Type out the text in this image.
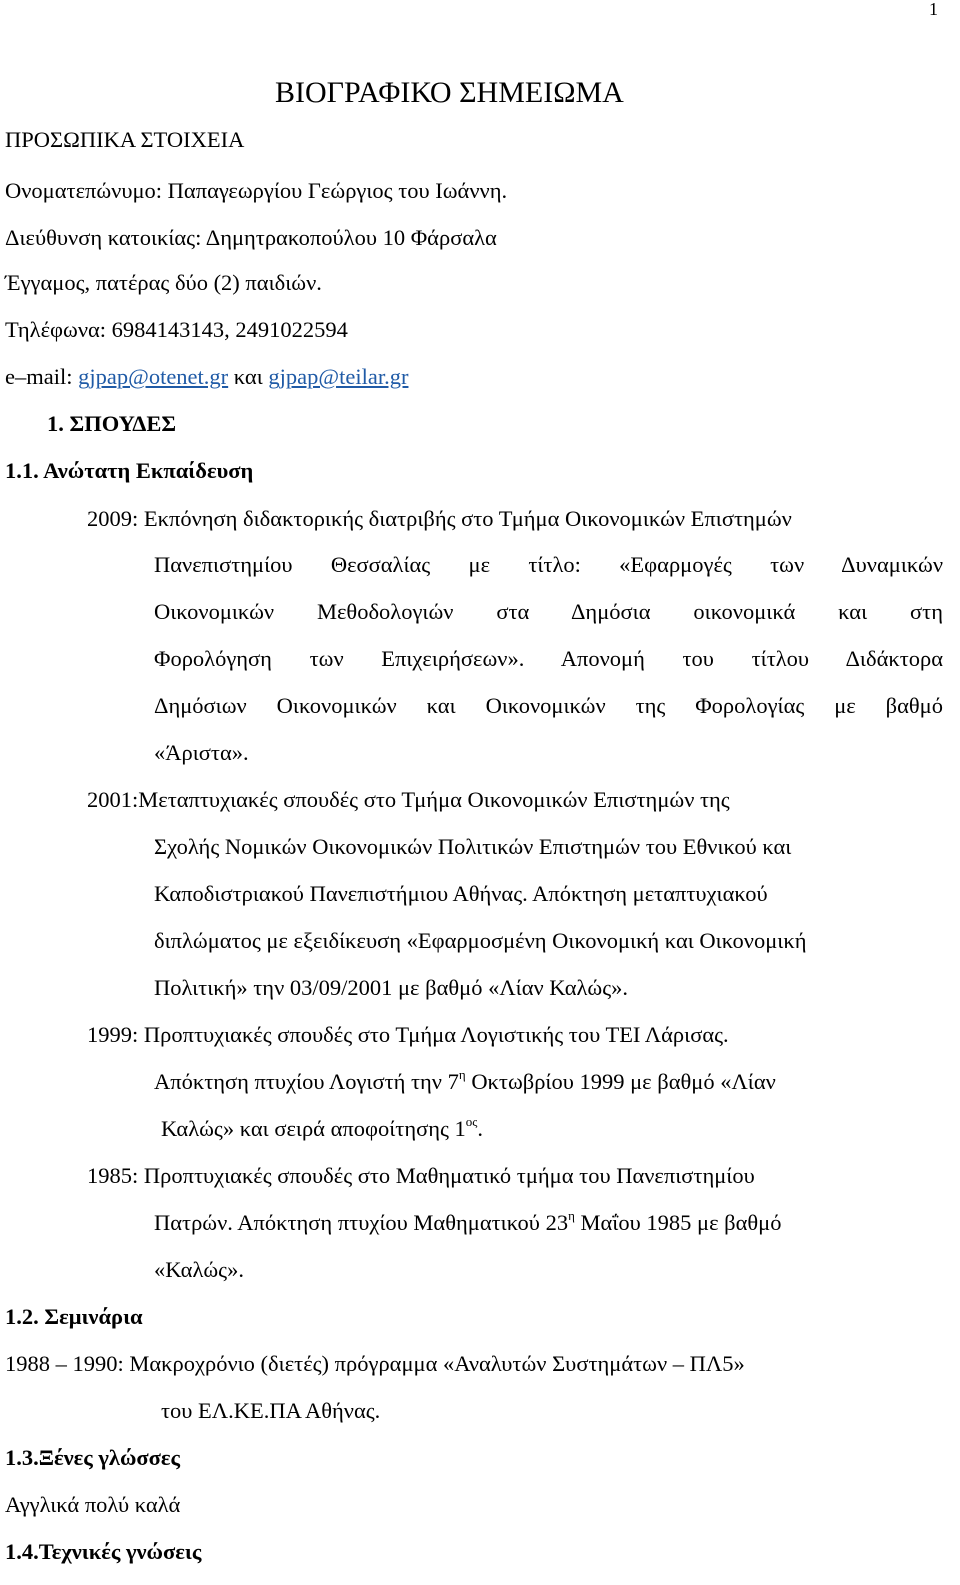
1
ΒΙΟΓΡΑΦΙΚΟ ΣΗΜΕΙΩΜΑ
ΠΡΟΣΩΠΙΚΑ ΣΤΟΙΧΕΙΑ
Ονοματεπώνυμο: Παπαγεωργίου Γεώργιος του Ιωάννη.
Διεύθυνση κατοικίας: Δημητρακοπούλου 10 Φάρσαλα
Έγγαμος, πατέρας δύο (2) παιδιών.
Τηλέφωνα: 6984143143, 2491022594
e–mail: gjpap@otenet.gr και gjpap@teilar.gr
1. ΣΠΟΥΔΕΣ
1.1. Ανώτατη Εκπαίδευση
2009: Εκπόνηση διδακτορικής διατριβής στο Τμήμα Οικονομικών Επιστημών
Πανεπιστημίου Θεσσαλίας με τίτλο: «Εφαρμογές των Δυναμικών
Οικονομικών Μεθοδολογιών στα Δημόσια οικονομικά και στη
Φορολόγηση των Επιχειρήσεων». Απονομή του τίτλου Διδάκτορα
Δημόσιων Οικονομικών και Οικονομικών της Φορολογίας με βαθμό
«Άριστα».
2001:Μεταπτυχιακές σπουδές στο Τμήμα Οικονομικών Επιστημών της
Σχολής Νομικών Οικονομικών Πολιτικών Επιστημών του Εθνικού και
Καποδιστριακού Πανεπιστήμιου Αθήνας. Απόκτηση μεταπτυχιακού
διπλώματος με εξειδίκευση «Εφαρμοσμένη Οικονομική και Οικονομική
Πολιτική» την 03/09/2001 με βαθμό «Λίαν Καλώς».
1999: Προπτυχιακές σπουδές στο Τμήμα Λογιστικής του ΤΕΙ Λάρισας.
Απόκτηση πτυχίου Λογιστή την $7^\eta$ Οκτωβρίου 1999 με βαθμό «Λίαν
Καλώς» και σειρά αποφοίτησης $1^{o\varsigma}$.
1985: Προπτυχιακές σπουδές στο Μαθηματικό τμήμα του Πανεπιστημίου
Πατρών. Απόκτηση πτυχίου Μαθηματικού $23^\eta$ Μαΐου 1985 με βαθμό
«Καλώς».
1.2. Σεμινάρια
1988 – 1990: Μακροχρόνιο (διετές) πρόγραμμα «Αναλυτών Συστημάτων – ΠΛ5»
του ΕΛ.ΚΕ.ΠΑ Αθήνας.
1.3.Ξένες γλώσσες
Αγγλικά πολύ καλά
1.4.Τεχνικές γνώσεις
